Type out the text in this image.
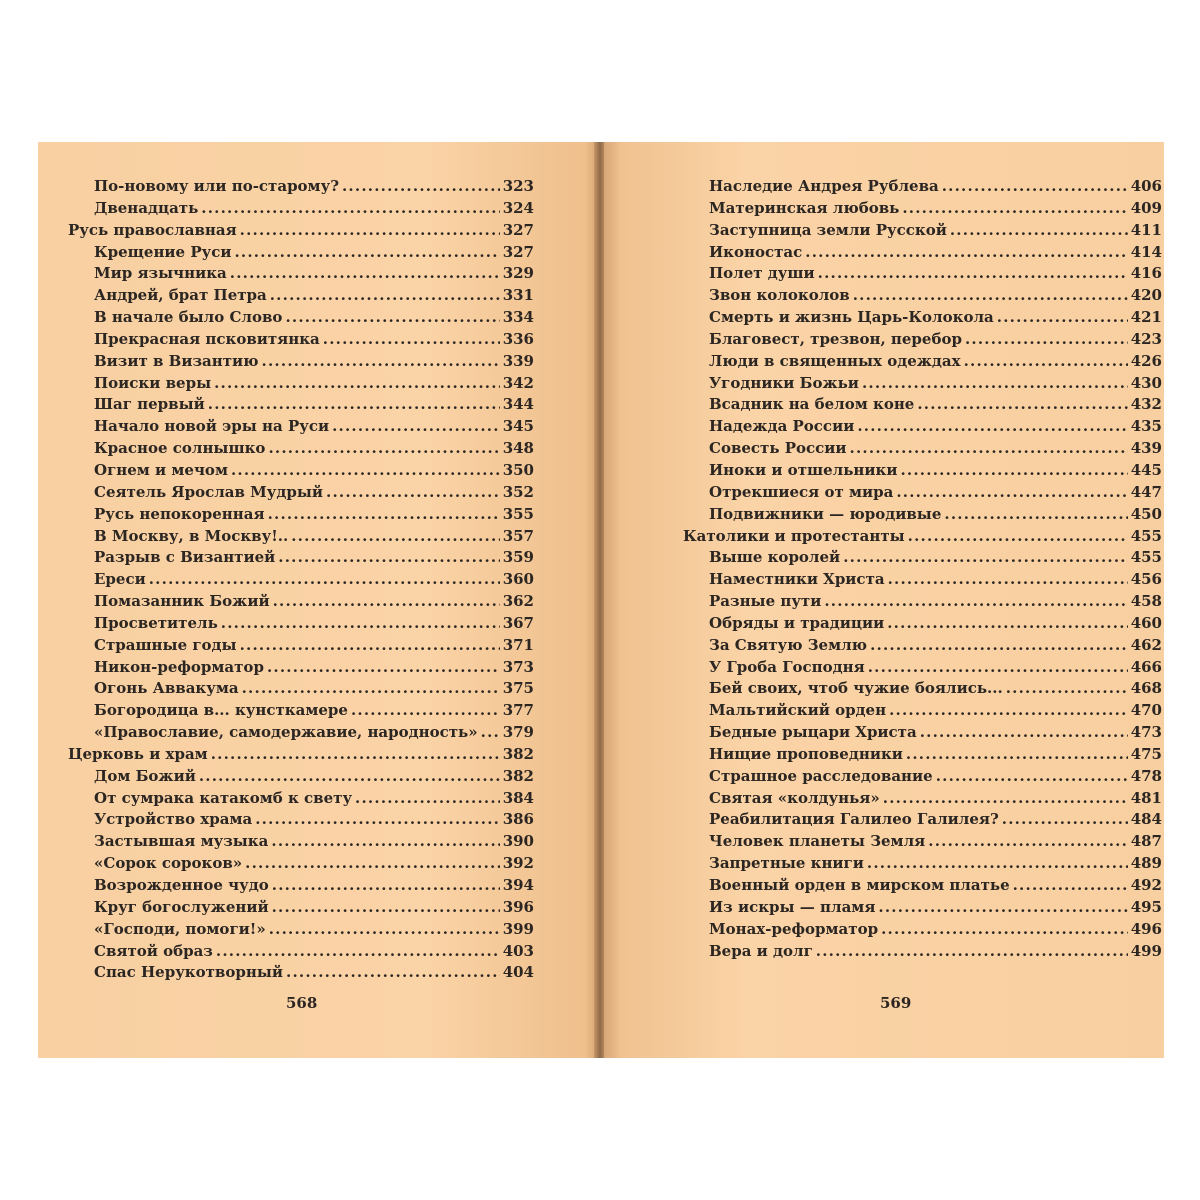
По-новому или по-старому? . . .	323
Двенадцать . . .	324
Русь православная . . .	327
Крещение Руси . . .	327
Мир язычника . . .	329
Андрей, брат Петра . . .	331
В начале было Слово . . .	334
Прекрасная псковитянка . . .	336
Визит в Византию . . .	339
Поиски веры . . .	342
Шаг первый . . .	344
Начало новой эры на Руси . . .	345
Красное солнышко . . .	348
Огнем и мечом . . .	350
Сеятель Ярослав Мудрый . . .	352
Русь непокоренная . . .	355
В Москву, в Москву!.. . . .	357
Разрыв с Византией . . .	359
Ереси . . .	360
Помазанник Божий . . .	362
Просветитель . . .	367
Страшные годы . . .	371
Никон-реформатор . . .	373
Огонь Аввакума . . .	375
Богородица в... кунсткамере . . .	377
«Православие, самодержавие, народность» . . . 379
Церковь и храм . . .	382
Дом Божий . . .	382
От сумрака катакомб к свету . . .	384
Устройство храма . . .	386
Застывшая музыка . . .	390
«Сорок сороков» . . .	392
Возрожденное чудо . . .	394
Круг богослужений . . .	396
«Господи, помоги!» . . .	399
Святой образ . . .	403
Спас Нерукотворный . . .	404
568
Наследие Андрея Рублева . . .	406
Материнская любовь . . .	409
Заступница земли Русской . . .	411
Иконостас . . .	414
Полет души . . .	416
Звон колоколов . . .	420
Смерть и жизнь Царь-Колокола . . .	421
Благовест, трезвон, перебор . . .	423
Люди в священных одеждах . . .	426
Угодники Божьи . . .	430
Всадник на белом коне . . .	432
Надежда России . . .	435
Совесть России . . .	439
Иноки и отшельники . . .	445
Отрекшиеся от мира . . .	447
Подвижники — юродивые . . .	450
Католики и протестанты . . .	455
Выше королей . . .	455
Наместники Христа . . .	456
Разные пути . . .	458
Обряды и традиции . . .	460
За Святую Землю . . .	462
У Гроба Господня . . .	466
Бей своих, чтоб чужие боялись... . . .	468
Мальтийский орден . . .	470
Бедные рыцари Христа . . .	473
Нищие проповедники . . .	475
Страшное расследование . . .	478
Святая «колдунья» . . .	481
Реабилитация Галилео Галилея? . . .	484
Человек планеты Земля . . .	487
Запретные книги . . .	489
Военный орден в мирском платье . . .	492
Из искры — пламя . . .	495
Монах-реформатор . . .	496
Вера и долг . . .	499
569
